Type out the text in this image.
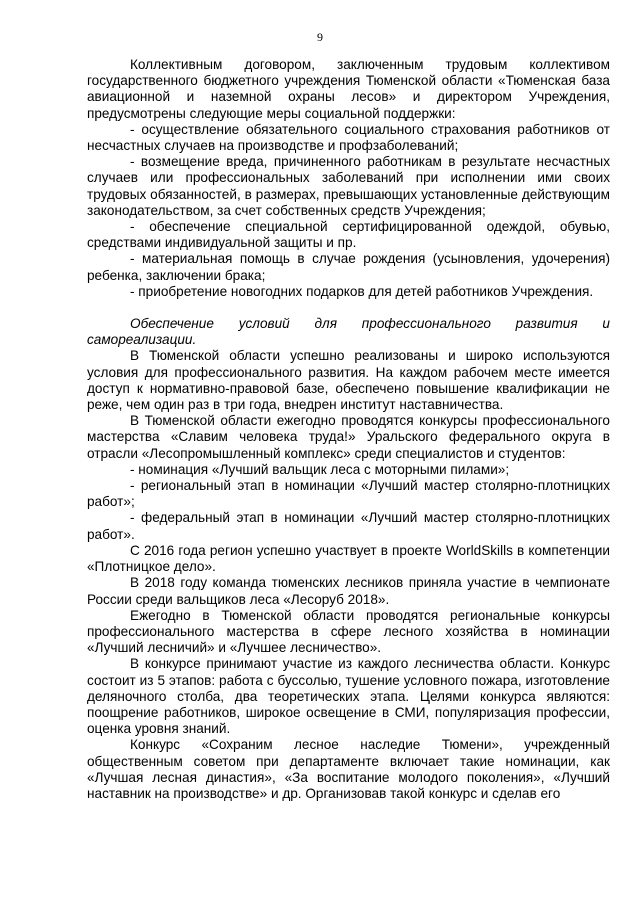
9

Коллективным договором, заключенным трудовым коллективом государственного бюджетного учреждения Тюменской области «Тюменская база авиационной и наземной охраны лесов» и директором Учреждения, предусмотрены следующие меры социальной поддержки:

- осуществление обязательного социального страхования работников от несчастных случаев на производстве и профзаболеваний;

- возмещение вреда, причиненного работникам в результате несчастных случаев или профессиональных заболеваний при исполнении ими своих трудовых обязанностей, в размерах, превышающих установленные действующим законодательством, за счет собственных средств Учреждения;

- обеспечение специальной сертифицированной одеждой, обувью, средствами индивидуальной защиты и пр.

- материальная помощь в случае рождения (усыновления, удочерения) ребенка, заключении брака;

- приобретение новогодних подарков для детей работников Учреждения.

Обеспечение условий для профессионального развития и самореализации.

В Тюменской области успешно реализованы и широко используются условия для профессионального развития. На каждом рабочем месте имеется доступ к нормативно-правовой базе, обеспечено повышение квалификации не реже, чем один раз в три года, внедрен институт наставничества.

В Тюменской области ежегодно проводятся конкурсы профессионального мастерства «Славим человека труда!» Уральского федерального округа в отрасли «Лесопромышленный комплекс» среди специалистов и студентов:

- номинация «Лучший вальщик леса с моторными пилами»;

- региональный этап в номинации «Лучший мастер столярно-плотницких работ»;

- федеральный этап в номинации «Лучший мастер столярно-плотницких работ».

С 2016 года регион успешно участвует в проекте WorldSkills в компетенции «Плотницкое дело».

В 2018 году команда тюменских лесников приняла участие в чемпионате России среди вальщиков леса «Лесоруб 2018».

Ежегодно в Тюменской области проводятся региональные конкурсы профессионального мастерства в сфере лесного хозяйства в номинации «Лучший лесничий» и «Лучшее лесничество».

В конкурсе принимают участие из каждого лесничества области. Конкурс состоит из 5 этапов: работа с буссолью, тушение условного пожара, изготовление деляночного столба, два теоретических этапа. Целями конкурса являются: поощрение работников, широкое освещение в СМИ, популяризация профессии, оценка уровня знаний.

Конкурс «Сохраним лесное наследие Тюмени», учрежденный общественным советом при департаменте включает такие номинации, как «Лучшая лесная династия», «За воспитание молодого поколения», «Лучший наставник на производстве» и др. Организовав такой конкурс и сделав его
